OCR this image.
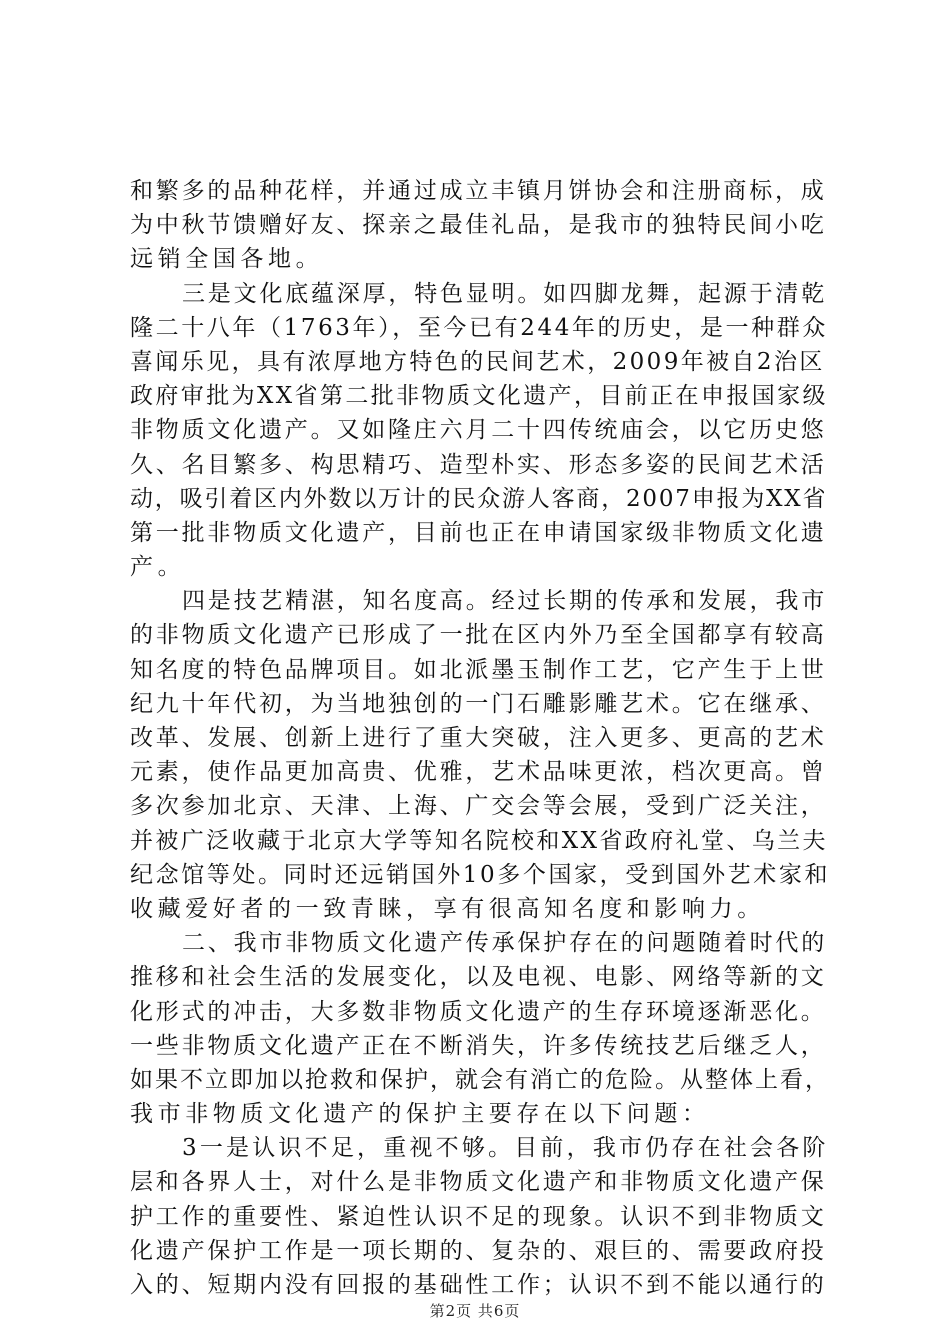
和繁多的品种花样，并通过成立丰镇月饼协会和注册商标，成
为中秋节馈赠好友、探亲之最佳礼品，是我市的独特民间小吃
远销全国各地。
三是文化底蕴深厚，特色显明。如四脚龙舞，起源于清乾
隆二十八年（1763年），至今已有244年的历史，是一种群众
喜闻乐见，具有浓厚地方特色的民间艺术，2009年被自2治区
政府审批为XX省第二批非物质文化遗产，目前正在申报国家级
非物质文化遗产。又如隆庄六月二十四传统庙会，以它历史悠
久、名目繁多、构思精巧、造型朴实、形态多姿的民间艺术活
动，吸引着区内外数以万计的民众游人客商，2007申报为XX省
第一批非物质文化遗产，目前也正在申请国家级非物质文化遗
产。
四是技艺精湛，知名度高。经过长期的传承和发展，我市
的非物质文化遗产已形成了一批在区内外乃至全国都享有较高
知名度的特色品牌项目。如北派墨玉制作工艺，它产生于上世
纪九十年代初，为当地独创的一门石雕影雕艺术。它在继承、
改革、发展、创新上进行了重大突破，注入更多、更高的艺术
元素，使作品更加高贵、优雅，艺术品味更浓，档次更高。曾
多次参加北京、天津、上海、广交会等会展，受到广泛关注，
并被广泛收藏于北京大学等知名院校和XX省政府礼堂、乌兰夫
纪念馆等处。同时还远销国外10多个国家，受到国外艺术家和
收藏爱好者的一致青睐，享有很高知名度和影响力。
二、我市非物质文化遗产传承保护存在的问题随着时代的
推移和社会生活的发展变化，以及电视、电影、网络等新的文
化形式的冲击，大多数非物质文化遗产的生存环境逐渐恶化。
一些非物质文化遗产正在不断消失，许多传统技艺后继乏人，
如果不立即加以抢救和保护，就会有消亡的危险。从整体上看，
我市非物质文化遗产的保护主要存在以下问题：
3一是认识不足，重视不够。目前，我市仍存在社会各阶
层和各界人士，对什么是非物质文化遗产和非物质文化遗产保
护工作的重要性、紧迫性认识不足的现象。认识不到非物质文
化遗产保护工作是一项长期的、复杂的、艰巨的、需要政府投
入的、短期内没有回报的基础性工作；认识不到不能以通行的
第2页 共6页
